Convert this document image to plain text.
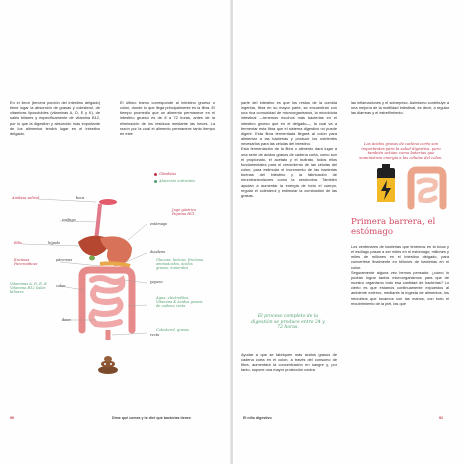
En el íleon (tercera porción del intestino delgado) tiene lugar la absorción de grasas y colesterol, de vitaminas liposolubles (vitaminas A, D, E y K), de sales biliares y específicamente de vitamina B12, por lo que la digestión y absorción más importante de los alimentos tendrá lugar en el intestino delgado.
El último tramo corresponde al intestino grueso o colon, donde lo que llega principalmente es la fibra. El tiempo promedio que un alimento permanece en el intestino grueso es de 8 a 72 horas, antes de la eliminación de los residuos mediante las heces. La razón por la cual el alimento permanece tanto tiempo en este
Glándulas
Absorción nutrientes
Amilasa salival	boca
esófago
Jugo gástrico Pepsina HCl
Bilis	hígado
estómago
Enzimas Pancreáticas
páncreas
duodeno
Glucosa, lactosa, fructosa, aminoácidos, ácidos grasos, minerales
Vitaminas A, D, E, K Vitamina B12 Sales biliares
colon
yeyuno
Agua, electrolitos, Vitamina K Ácidos grasos de cadena corta
íleon
Colesterol, grasas
recto
90	Dime qué comes y te diré qué bacterias tienes
parte del intestino es que los restos de la comida ingerida, fibra en su mayor parte, se encuentran con una rica comunidad de microorganismos, la microbiota intestinal —tenemos muchos más bacterias en el intestino grueso que en el delgado—, la cual va a fermentar esta fibra que el sistema digestivo no puede digerir. Esta fibra fermentada llegará al colon para alimentar a las bacterias y producir los nutrientes necesarios para las células del intestino.
Esta fermentación de la fibra o alimento dará lugar a una serie de ácidos grasos de cadena corta, como son el propionato, el acetato y el butirato, todos ellos fundamentales para el crecimiento de las células del colon, para estimular el incremento de las bacterias buenas del intestino y la fabricación de neurotransmisores como la serotonina. También ayudan a aumentar la energía de todo el cuerpo, regular el colesterol y estimular la combustión de las grasas.
El proceso completo de la digestión se produce entre 24 y 72 horas.
Ayudar a que se fabriquen más ácidos grasos de cadena corta en el colon, a través del consumo de fibra, aumentará la concentración en sangre y, por tanto, supone una mayor protección contra
las inflamaciones y el sobrepeso. Asimismo contribuye a una mejoría de la motilidad intestinal, es decir, a regular las diarreas y el estreñimiento.
Los ácidos grasos de cadena corta son importantes para la salud digestiva, pero también actúan como baterías que suministran energía a las células del colon.
Primera barrera, el estómago
Los centenares de bacterias que tenemos en la boca y el esófago pasan a ser miles en el estómago; millones y miles de millones en el intestino delgado, para convertirse finalmente en billones de bacterias en el colon.
Seguramente alguna vez hemos pensado: ¿cómo lo podrán lograr tantos microorganismos para que de nuestro organismo todo esa cantidad de bacterias? Lo cierto es que estamos continuamente expuestos al ambiente externo, mediante la ingesta de alimentos, los microbios que tocamos con las manos, con todo el recubrimiento de la piel, las que
El niño digestivo	91
